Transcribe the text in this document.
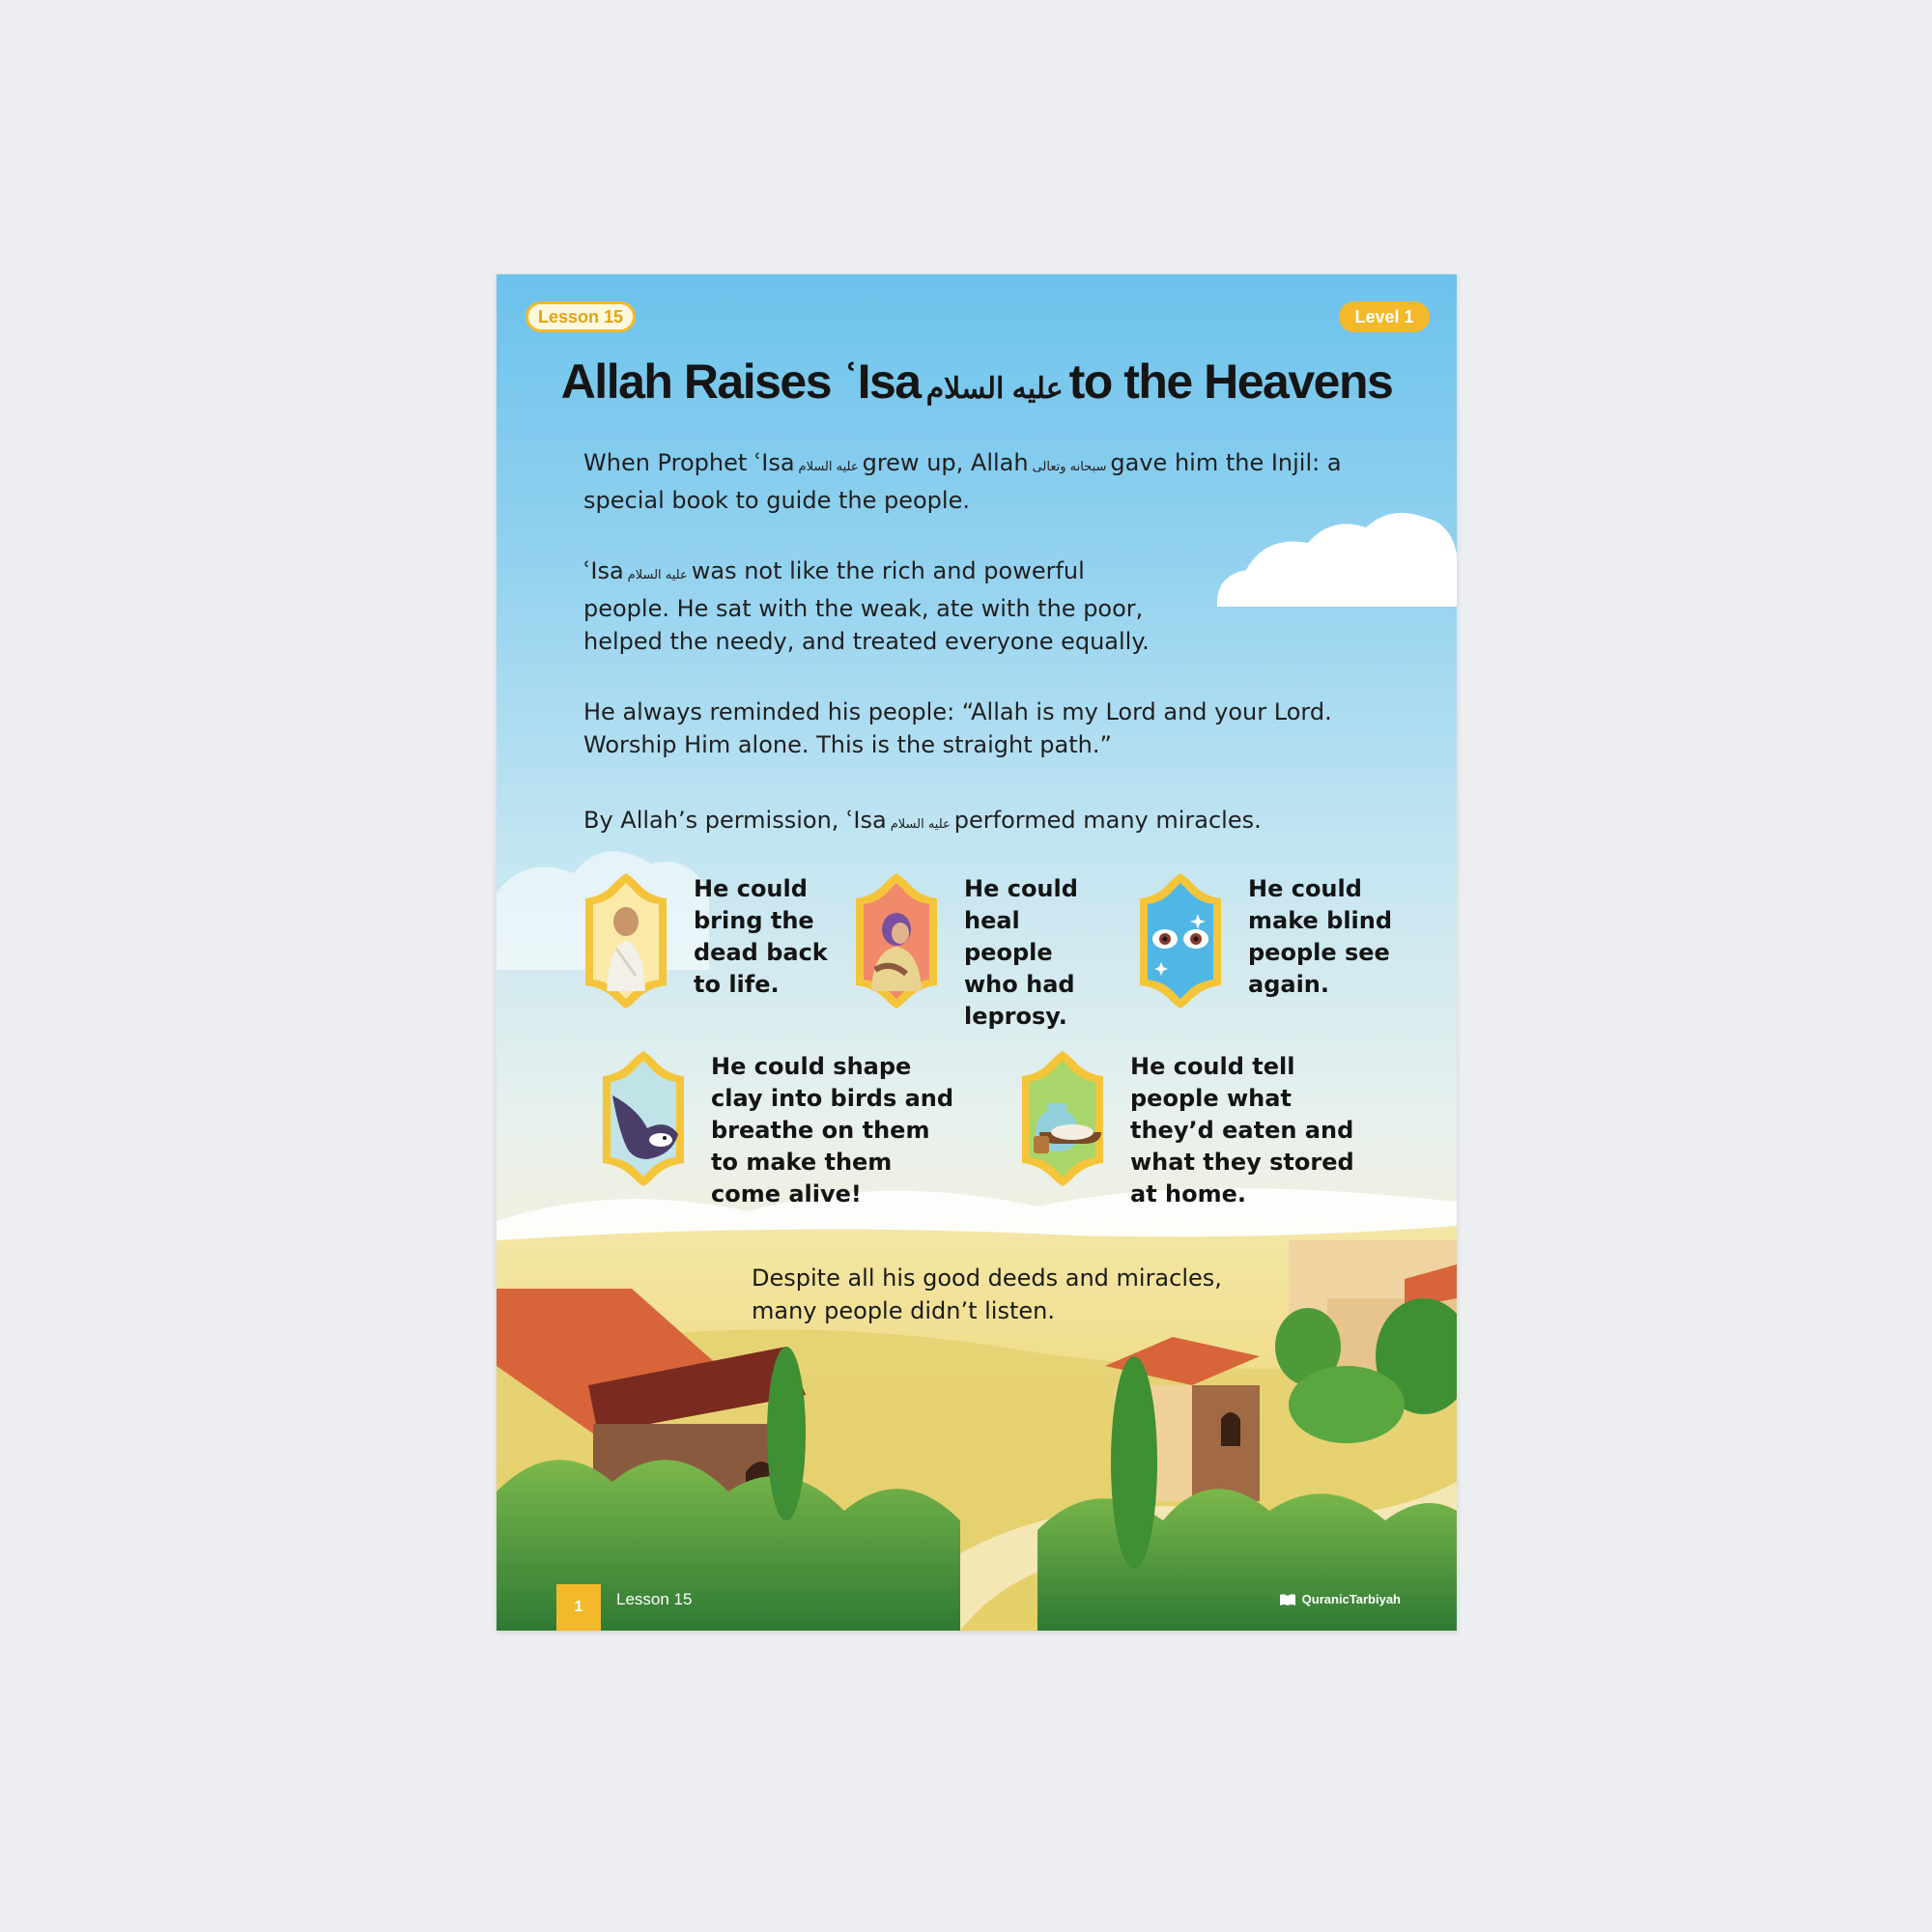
Lesson 15	Level 1
Allah Raises ʿIsa عليه السلام to the Heavens
When Prophet ʿIsa عليه السلام grew up, Allah سبحانه وتعالى gave him the Injil: a special book to guide the people.
ʿIsa عليه السلام was not like the rich and powerful people. He sat with the weak, ate with the poor, helped the needy, and treated everyone equally.
He always reminded his people: “Allah is my Lord and your Lord. Worship Him alone. This is the straight path.”
By Allah’s permission, ʿIsa عليه السلام performed many miracles.
He could bring the dead back to life.
He could heal people who had leprosy.
He could make blind people see again.
He could shape clay into birds and breathe on them to make them come alive!
He could tell people what they’d eaten and what they stored at home.
Despite all his good deeds and miracles, many people didn’t listen.
1	Lesson 15	QuranicTarbiyah
